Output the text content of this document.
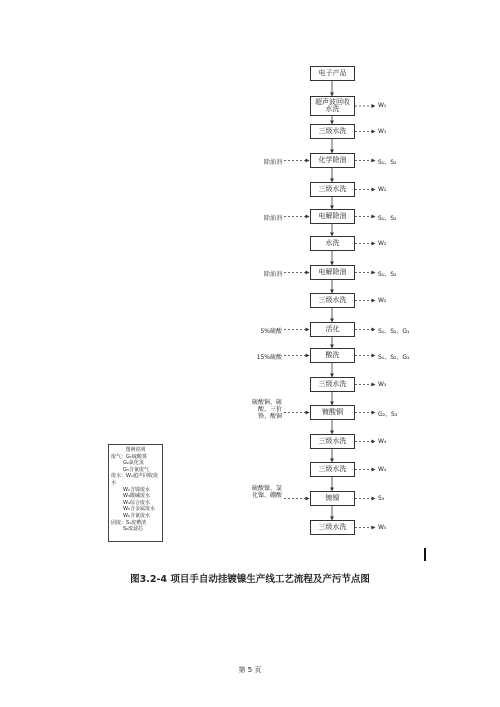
电子产品
超声波回收水洗	W₁
三级水洗	W₁
化学除油	S₁、S₂
除油剂
三级水洗	W₂
电解除油	S₁、S₂
除油剂
水洗	W₂
电解除油	S₁、S₂
除油剂
三级水洗	W₂
活化	S₁、S₂、G₁
5%硫酸
酸洗	S₁、S₂、G₁
15%硫酸
三级水洗	W₃
镀酸铜	G₂、S₃
硫酸铜、硫酸、三价铬、酸铜
三级水洗	W₄
三级水洗	W₄
镀镍	S₃
硫酸镍、氯化镍、硼酸
三级水洗	W₅
图例说明
废气：G₁硫酸雾
G₂氯化氢
G₃含氰废气
废水：W₁超声回收废水
W₂含镍废水
W₃酸碱废水
W₄综合废水
W₅含金属废水
W₆含氰废水
固废：S₁废槽渣
S₂废滤芯
图3.2-4 项目手自动挂镀镍生产线工艺流程及产污节点图
第 5 页
